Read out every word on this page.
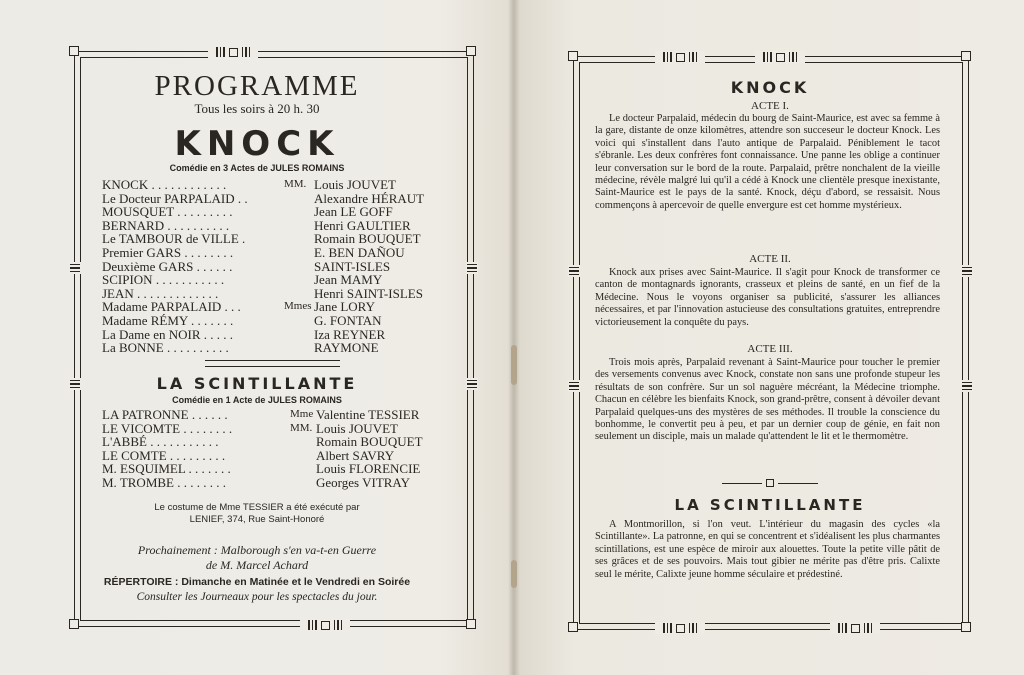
PROGRAMME
Tous les soirs à 20 h. 30
KNOCK
Comédie en 3 Actes de JULES ROMAINS
KNOCK . . . . . . . . . . . .	MM. Louis JOUVET
Le Docteur PARPALAID . .	Alexandre HÉRAUT
MOUSQUET . . . . . . . . .	Jean LE GOFF
BERNARD . . . . . . . . . .	Henri GAULTIER
Le TAMBOUR de VILLE .	Romain BOUQUET
Premier GARS . . . . . . . .	E. BEN DAÑOU
Deuxième GARS . . . . . .	SAINT-ISLES
SCIPION . . . . . . . . . . .	Jean MAMY
JEAN . . . . . . . . . . . . .	Henri SAINT-ISLES
Madame PARPALAID . . .	Mmes Jane LORY
Madame RÉMY . . . . . . .	G. FONTAN
La Dame en NOIR . . . . .	Iza REYNER
La BONNE . . . . . . . . . .	RAYMONE
LA SCINTILLANTE
Comédie en 1 Acte de JULES ROMAINS
LA PATRONNE . . . . . .	Mme Valentine TESSIER
LE VICOMTE . . . . . . . .	MM. Louis JOUVET
L'ABBÉ . . . . . . . . . . .	Romain BOUQUET
LE COMTE . . . . . . . . .	Albert SAVRY
M. ESQUIMEL . . . . . . .	Louis FLORENCIE
M. TROMBE . . . . . . . .	Georges VITRAY
Le costume de Mme TESSIER a été exécuté par
LENIEF, 374, Rue Saint-Honoré
Prochainement : Malborough s'en va-t-en Guerre
de M. Marcel Achard
RÉPERTOIRE : Dimanche en Matinée et le Vendredi en Soirée
Consulter les Journeaux pour les spectacles du jour.
KNOCK
ACTE I.

Le docteur Parpalaid, médecin du bourg de Saint-Maurice, est avec sa femme à la gare, distante de onze kilomètres, attendre son succeseur le docteur Knock. Les voici qui s'installent dans l'auto antique de Parpalaid. Péniblement le tacot s'ébranle. Les deux confrères font connaissance. Une panne les oblige a continuer leur conversation sur le bord de la route. Parpalaid, prêtre nonchalent de la vieille médecine, révèle malgré lui qu'il a cédé à Knock une clientèle presque inexistante, Saint-Maurice est le pays de la santé. Knock, déçu d'abord, se ressaisit. Nous commençons à apercevoir de quelle envergure est cet homme mystérieux.

ACTE II.

Knock aux prises avec Saint-Maurice. Il s'agit pour Knock de transformer ce canton de montagnards ignorants, crasseux et pleins de santé, en un fief de la Médecine. Nous le voyons organiser sa publicité, s'assurer les alliances nécessaires, et par l'innovation astucieuse des consultations gratuites, entreprendre victorieusement la conquête du pays.

ACTE III.

Trois mois après, Parpalaid revenant à Saint-Maurice pour toucher le premier des versements convenus avec Knock, constate non sans une profonde stupeur les résultats de son confrère. Sur un sol naguère mécréant, la Médecine triomphe. Chacun en célèbre les bienfaits Knock, son grand-prêtre, consent à dévoiler devant Parpalaid quelques-uns des mystères de ses méthodes. Il trouble la conscience du bonhomme, le convertit peu à peu, et par un dernier coup de génie, en fait non seulement un disciple, mais un malade qu'attendent le lit et le thermomètre.

LA SCINTILLANTE

A Montmorillon, si l'on veut. L'intérieur du magasin des cycles «la Scintillante». La patronne, en qui se concentrent et s'idéalisent les plus charmantes scintillations, est une espèce de miroir aux alouettes. Toute la petite ville pâtit de ses grâces et de ses pouvoirs. Mais tout gibier ne mérite pas d'être pris. Calixte seul le mérite, Calixte jeune homme séculaire et prédestiné.
